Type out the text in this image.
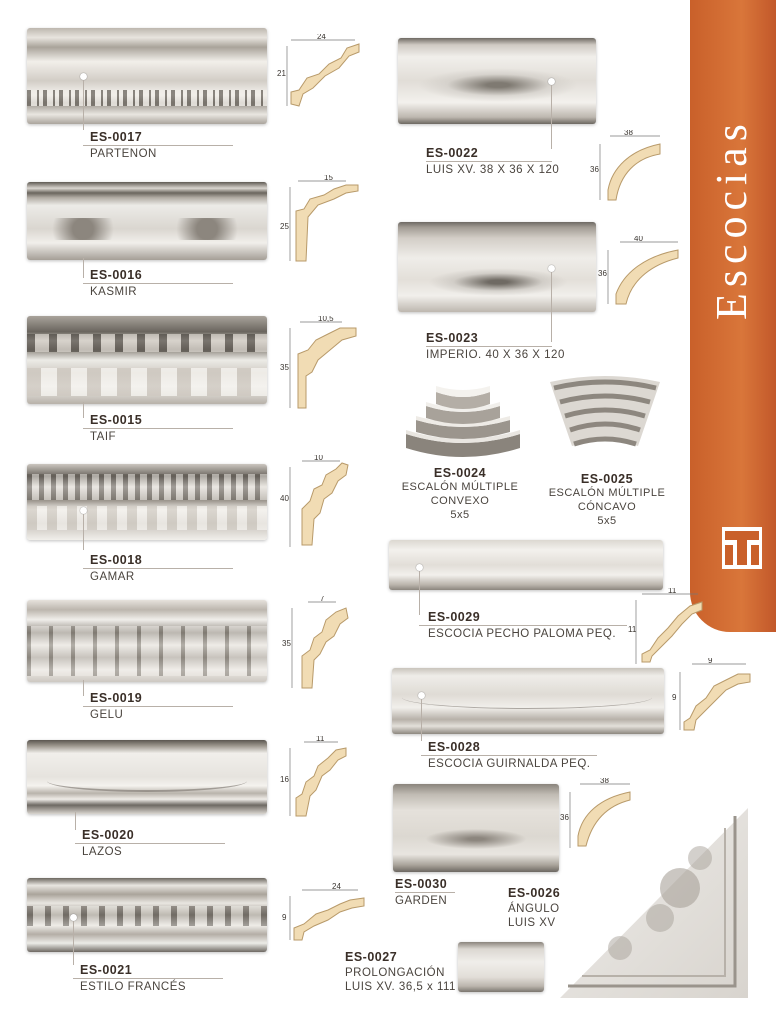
Escocias
ES-0017
PARTENON
24
21
ES-0016
KASMIR
15
25
ES-0015
TAIF
10,5
35
ES-0018
GAMAR
10
40
ES-0019
GELU
7
35
ES-0020
LAZOS
11
16
ES-0021
ESTILO FRANCÉS
24
9
ES-0022
LUIS XV. 38 X 36 X 120
38
36
ES-0023
IMPERIO. 40 X 36 X 120
40
36
ES-0024
ESCALÓN MÚLTIPLE
CONVEXO
5x5
ES-0025
ESCALÓN MÚLTIPLE
CÓNCAVO
5x5
ES-0029
ESCOCIA PECHO PALOMA PEQ.
11
11
ES-0028
ESCOCIA GUIRNALDA PEQ.
9
9
ES-0030
GARDEN
38
36
ES-0026
ÁNGULO
LUIS XV
ES-0027
PROLONGACIÓN
LUIS XV. 36,5 x 111
